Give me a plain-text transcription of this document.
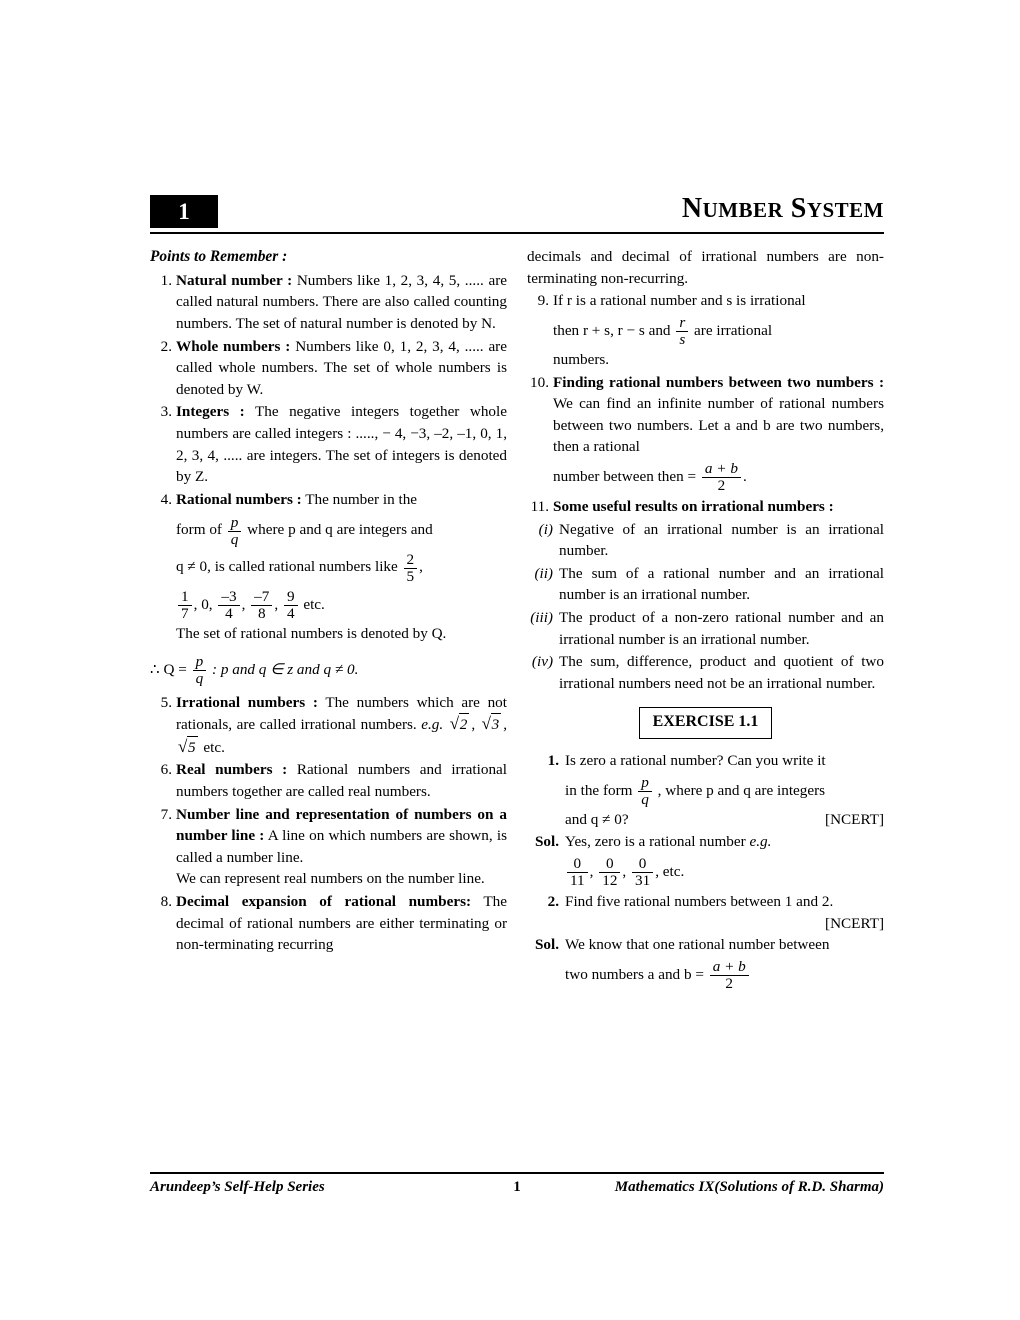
1	NUMBER SYSTEM
Points to Remember :
1. Natural number : Numbers like 1, 2, 3, 4, 5, ..... are called natural numbers. There are also called counting numbers. The set of natural number is denoted by N.
2. Whole numbers : Numbers like 0, 1, 2, 3, 4, ..... are called whole numbers. The set of whole numbers is denoted by W.
3. Integers : The negative integers together whole numbers are called integers : ....., − 4, −3, –2, –1, 0, 1, 2, 3, 4, ..... are integers. The set of integers is denoted by Z.
4. Rational numbers : The number in the
form of $\frac{p}{q}$ where p and q are integers and
q ≠ 0, is called rational numbers like $\frac{2}{5}$ ,
$\frac{1}{7}$ , 0, $\frac{-3}{4}$ , $\frac{-7}{8}$ , $\frac{9}{4}$ etc.
The set of rational numbers is denoted by Q.
∴ $Q = \frac{p}{q}$ : p and q ∈ z and q ≠ 0.
5. Irrational numbers : The numbers which are not rationals, are called irrational numbers. e.g. √ 2 , √ 3 , √ 5 etc.
6. Real numbers : Rational numbers and irrational numbers together are called real numbers.
7. Number line and representation of numbers on a number line : A line on which numbers are shown, is called a number line.
We can represent real numbers on the number line.
8. Decimal expansion of rational numbers: The decimal of rational numbers are either terminating or non-terminating recurring
decimals and decimal of irrational numbers are non-terminating non-recurring.
9. If r is a rational number and s is irrational
then r + s, r − s and $\frac{r}{s}$ are irrational
numbers.
10. Finding rational numbers between two numbers : We can find an infinite number of rational numbers between two numbers. Let a and b are two numbers, then a rational
number between then = $\frac{a + b}{2}$ .
11. Some useful results on irrational numbers :
(i) Negative of an irrational number is an irrational number.
(ii) The sum of a rational number and an irrational number is an irrational number.
(iii) The product of a non-zero rational number and an irrational number is an irrational number.
(iv) The sum, difference, product and quotient of two irrational numbers need not be an irrational number.
EXERCISE 1.1
1. Is zero a rational number? Can you write it
in the form $\frac{p}{q}$ , where p and q are integers
and q ≠ 0?	[NCERT]
Sol. Yes, zero is a rational number e.g.
$\frac{0}{11}$ , $\frac{0}{12}$ , $\frac{0}{31}$ , etc.
2. Find five rational numbers between 1 and 2.
[NCERT]
Sol. We know that one rational number between
two numbers a and $b = \frac{a + b}{2}$
Arundeep’s Self-Help Series	1	Mathematics IX(Solutions of R.D. Sharma)
